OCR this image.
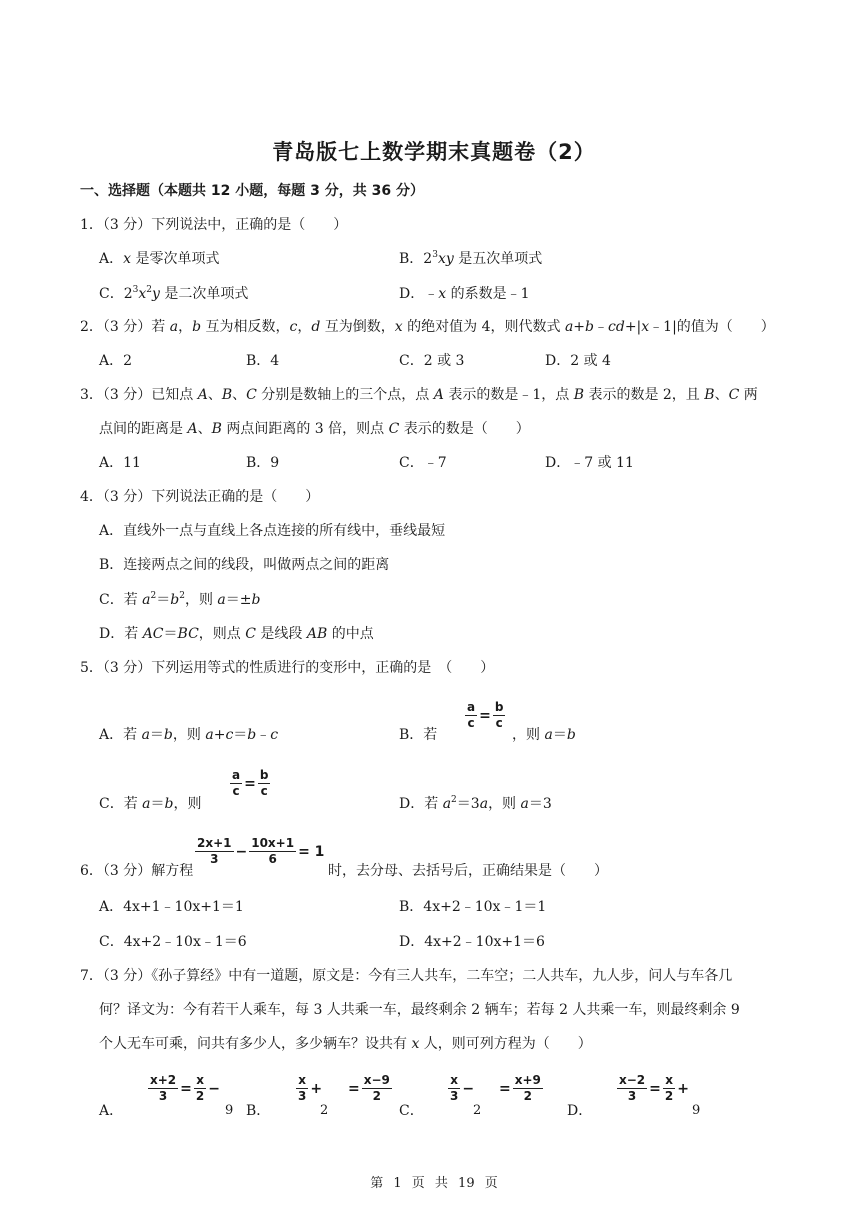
青岛版七上数学期末真题卷（2）
一、选择题（本题共 12 小题，每题 3 分，共 36 分）
1．（3 分）下列说法中，正确的是（　　）
A．x 是零次单项式	B．$2^3xy$ 是五次单项式
C．$2^3x^2y$ 是二次单项式	D．﹣x 的系数是﹣1
2．（3 分）若 a，b 互为相反数，c，d 互为倒数，x 的绝对值为 4，则代数式 a+b﹣cd+|x﹣1|的值为（　　）
A．2	B．4	C．2 或 3	D．2 或 4
3．（3 分）已知点 A、B、C 分别是数轴上的三个点，点 A 表示的数是﹣1，点 B 表示的数是 2，且 B、C 两
点间的距离是 A、B 两点间距离的 3 倍，则点 C 表示的数是（　　）
A．11	B．9	C．﹣7	D．﹣7 或 11
4．（3 分）下列说法正确的是（　　）
A．直线外一点与直线上各点连接的所有线中，垂线最短
B．连接两点之间的线段，叫做两点之间的距离
C．若 $a^2=b^2$，则 a＝±b
D．若 AC＝BC，则点 C 是线段 AB 的中点
5．（3 分）下列运用等式的性质进行的变形中，正确的是　（　　）
A．若 a＝b，则 a+c＝b﹣c	B．若
$\frac{a}{c} = \frac{b}{c}$
，则 a＝b
C．若 a＝b，则
$\frac{a}{c} = \frac{b}{c}$
D．若 $a^2=3a$，则 a＝3
6．（3 分）解方程
$\frac{2x+1}{3} - \frac{10x+1}{6} = 1$
时，去分母、去括号后，正确结果是（　　）
A．4x+1﹣10x+1＝1	B．4x+2﹣10x﹣1＝1
C．4x+2﹣10x﹣1＝6	D．4x+2﹣10x+1＝6
7．（3 分）《孙子算经》中有一道题，原文是：今有三人共车，二车空；二人共车，九人步，问人与车各几
何？译文为：今有若干人乘车，每 3 人共乘一车，最终剩余 2 辆车；若每 2 人共乘一车，则最终剩余 9
个人无车可乘，问共有多少人，多少辆车？设共有 x 人，则可列方程为（　　）
A．
$\frac{x+2}{3} = \frac{x}{2}$ −
9 B．
$\frac{x}{3}$ +
2
= $\frac{x-9}{2}$
C．
$\frac{x}{3}$ −
2
= $\frac{x+9}{2}$
D．
$\frac{x-2}{3} = \frac{x}{2}$ +
9
第 1 页 共 19 页
